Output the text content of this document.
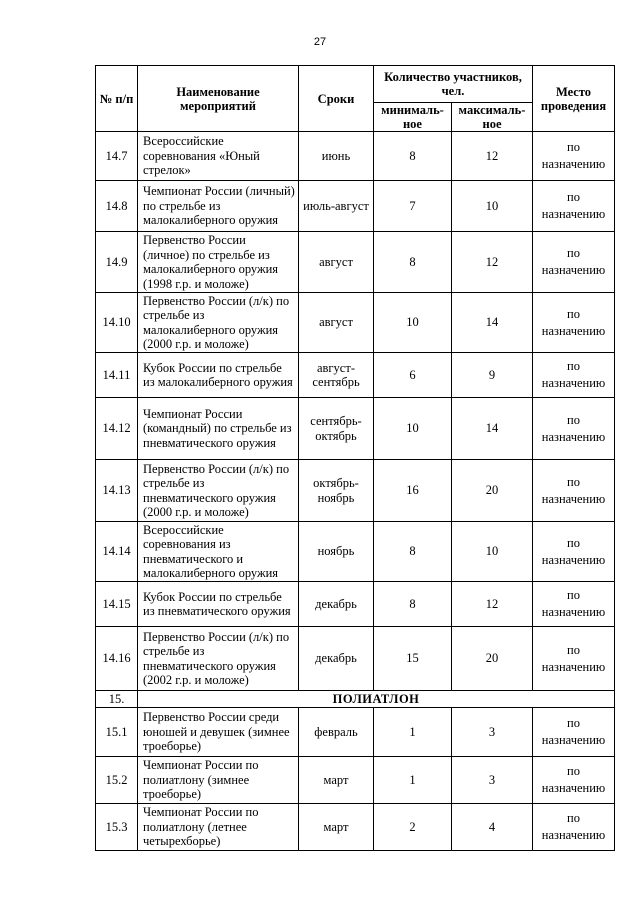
27
№ п/п	Наименование мероприятий	Сроки	Количество участников, чел.		Место проведения
			минималь-ное	максималь-ное	
14.7	Всероссийские соревнования «Юный стрелок»	июнь	8	12	по назначению
14.8	Чемпионат России (личный) по стрельбе из малокалиберного оружия	июль-август	7	10	по назначению
14.9	Первенство России (личное) по стрельбе из малокалиберного оружия (1998 г.р. и моложе)	август	8	12	по назначению
14.10	Первенство России (л/к) по стрельбе из малокалиберного оружия (2000 г.р. и моложе)	август	10	14	по назначению
14.11	Кубок России по стрельбе из малокалиберного оружия	август-сентябрь	6	9	по назначению
14.12	Чемпионат России (командный) по стрельбе из пневматического оружия	сентябрь-октябрь	10	14	по назначению
14.13	Первенство России (л/к) по стрельбе из пневматического оружия (2000 г.р. и моложе)	октябрь-ноябрь	16	20	по назначению
14.14	Всероссийские соревнования из пневматического и малокалиберного оружия	ноябрь	8	10	по назначению
14.15	Кубок России по стрельбе из пневматического оружия	декабрь	8	12	по назначению
14.16	Первенство России (л/к) по стрельбе из пневматического оружия (2002 г.р. и моложе)	декабрь	15	20	по назначению
15.	ПОЛИАТЛОН				
15.1	Первенство России среди юношей и девушек (зимнее троеборье)	февраль	1	3	по назначению
15.2	Чемпионат России по полиатлону (зимнее троеборье)	март	1	3	по назначению
15.3	Чемпионат России по полиатлону (летнее четырехборье)	март	2	4	по назначению
